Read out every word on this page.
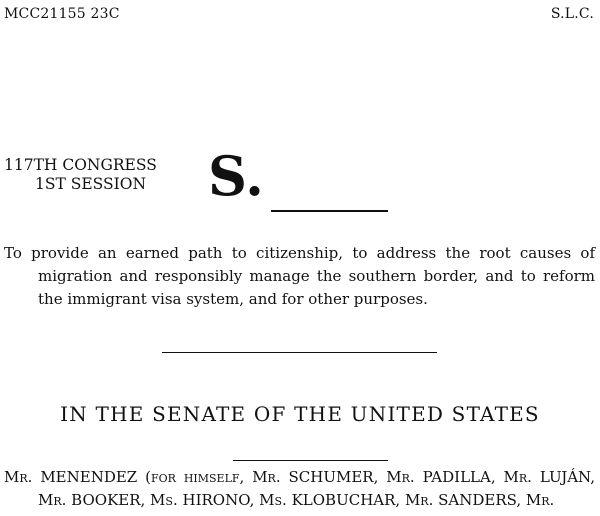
MCC21155 23C	S.L.C.
117TH CONGRESS
1ST SESSION	S.

To provide an earned path to citizenship, to address the root causes of migration and responsibly manage the southern border, and to reform the immigrant visa system, and for other purposes.

IN THE SENATE OF THE UNITED STATES

Mr. MENENDEZ (for himself, Mr. SCHUMER, Mr. PADILLA, Mr. LUJÁN, Mr. BOOKER, Ms. HIRONO, Ms. KLOBUCHAR, Mr. SANDERS, Mr.
